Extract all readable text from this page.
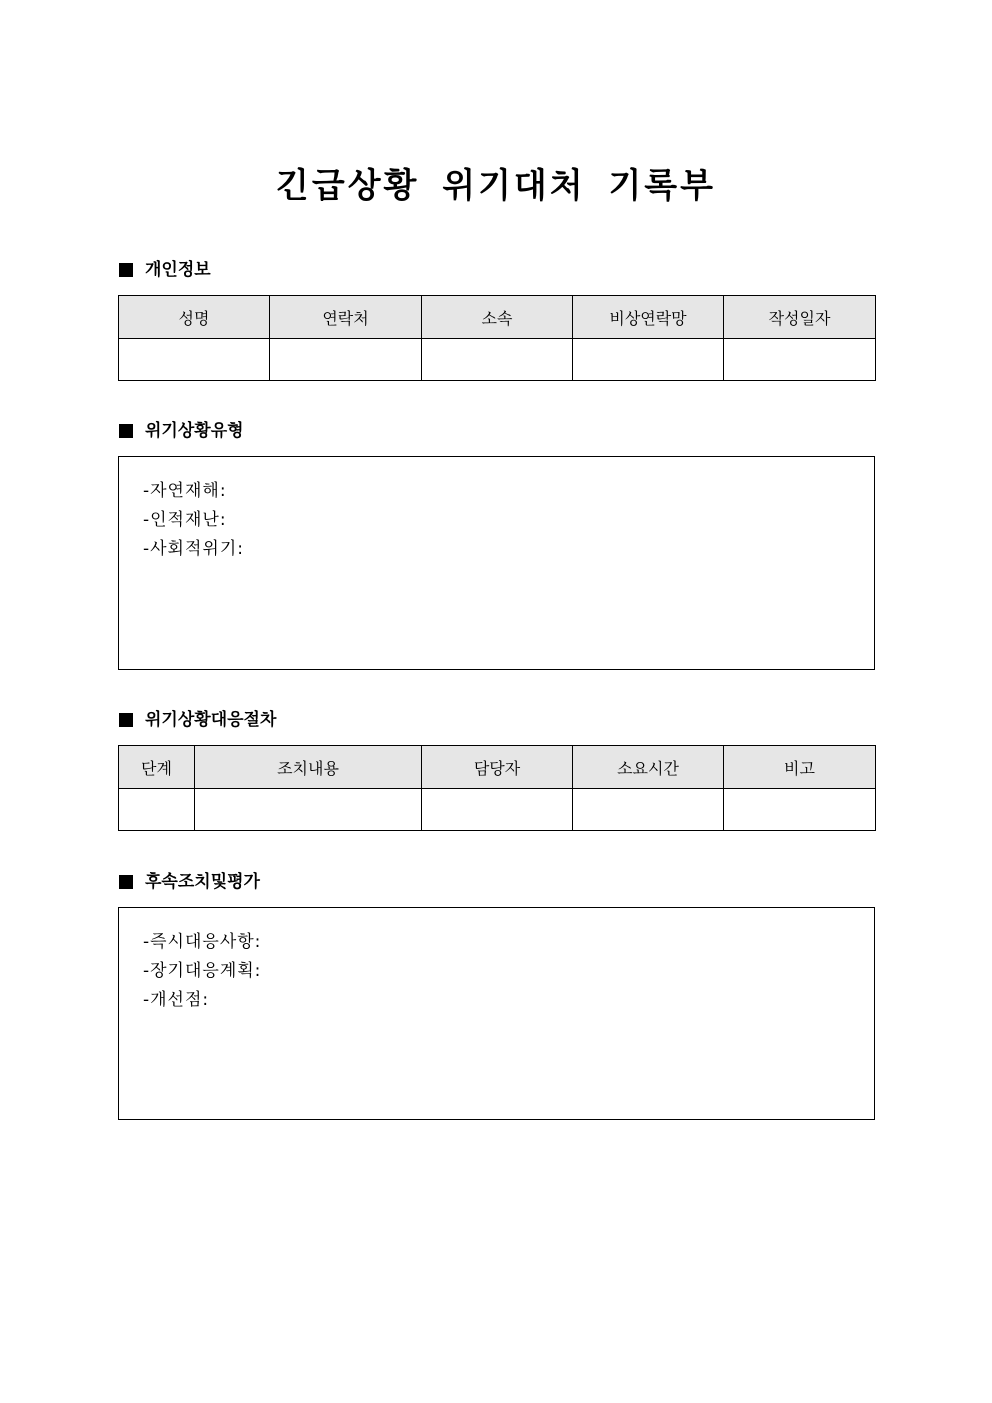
긴급상황 위기대처 기록부
개인정보
성명	연락처	소속	비상연락망	작성일자

위기상황유형
-자연재해:
-인적재난:
-사회적위기:
위기상황대응절차
단계	조치내용	담당자	소요시간	비고

후속조치및평가
-즉시대응사항:
-장기대응계획:
-개선점:
